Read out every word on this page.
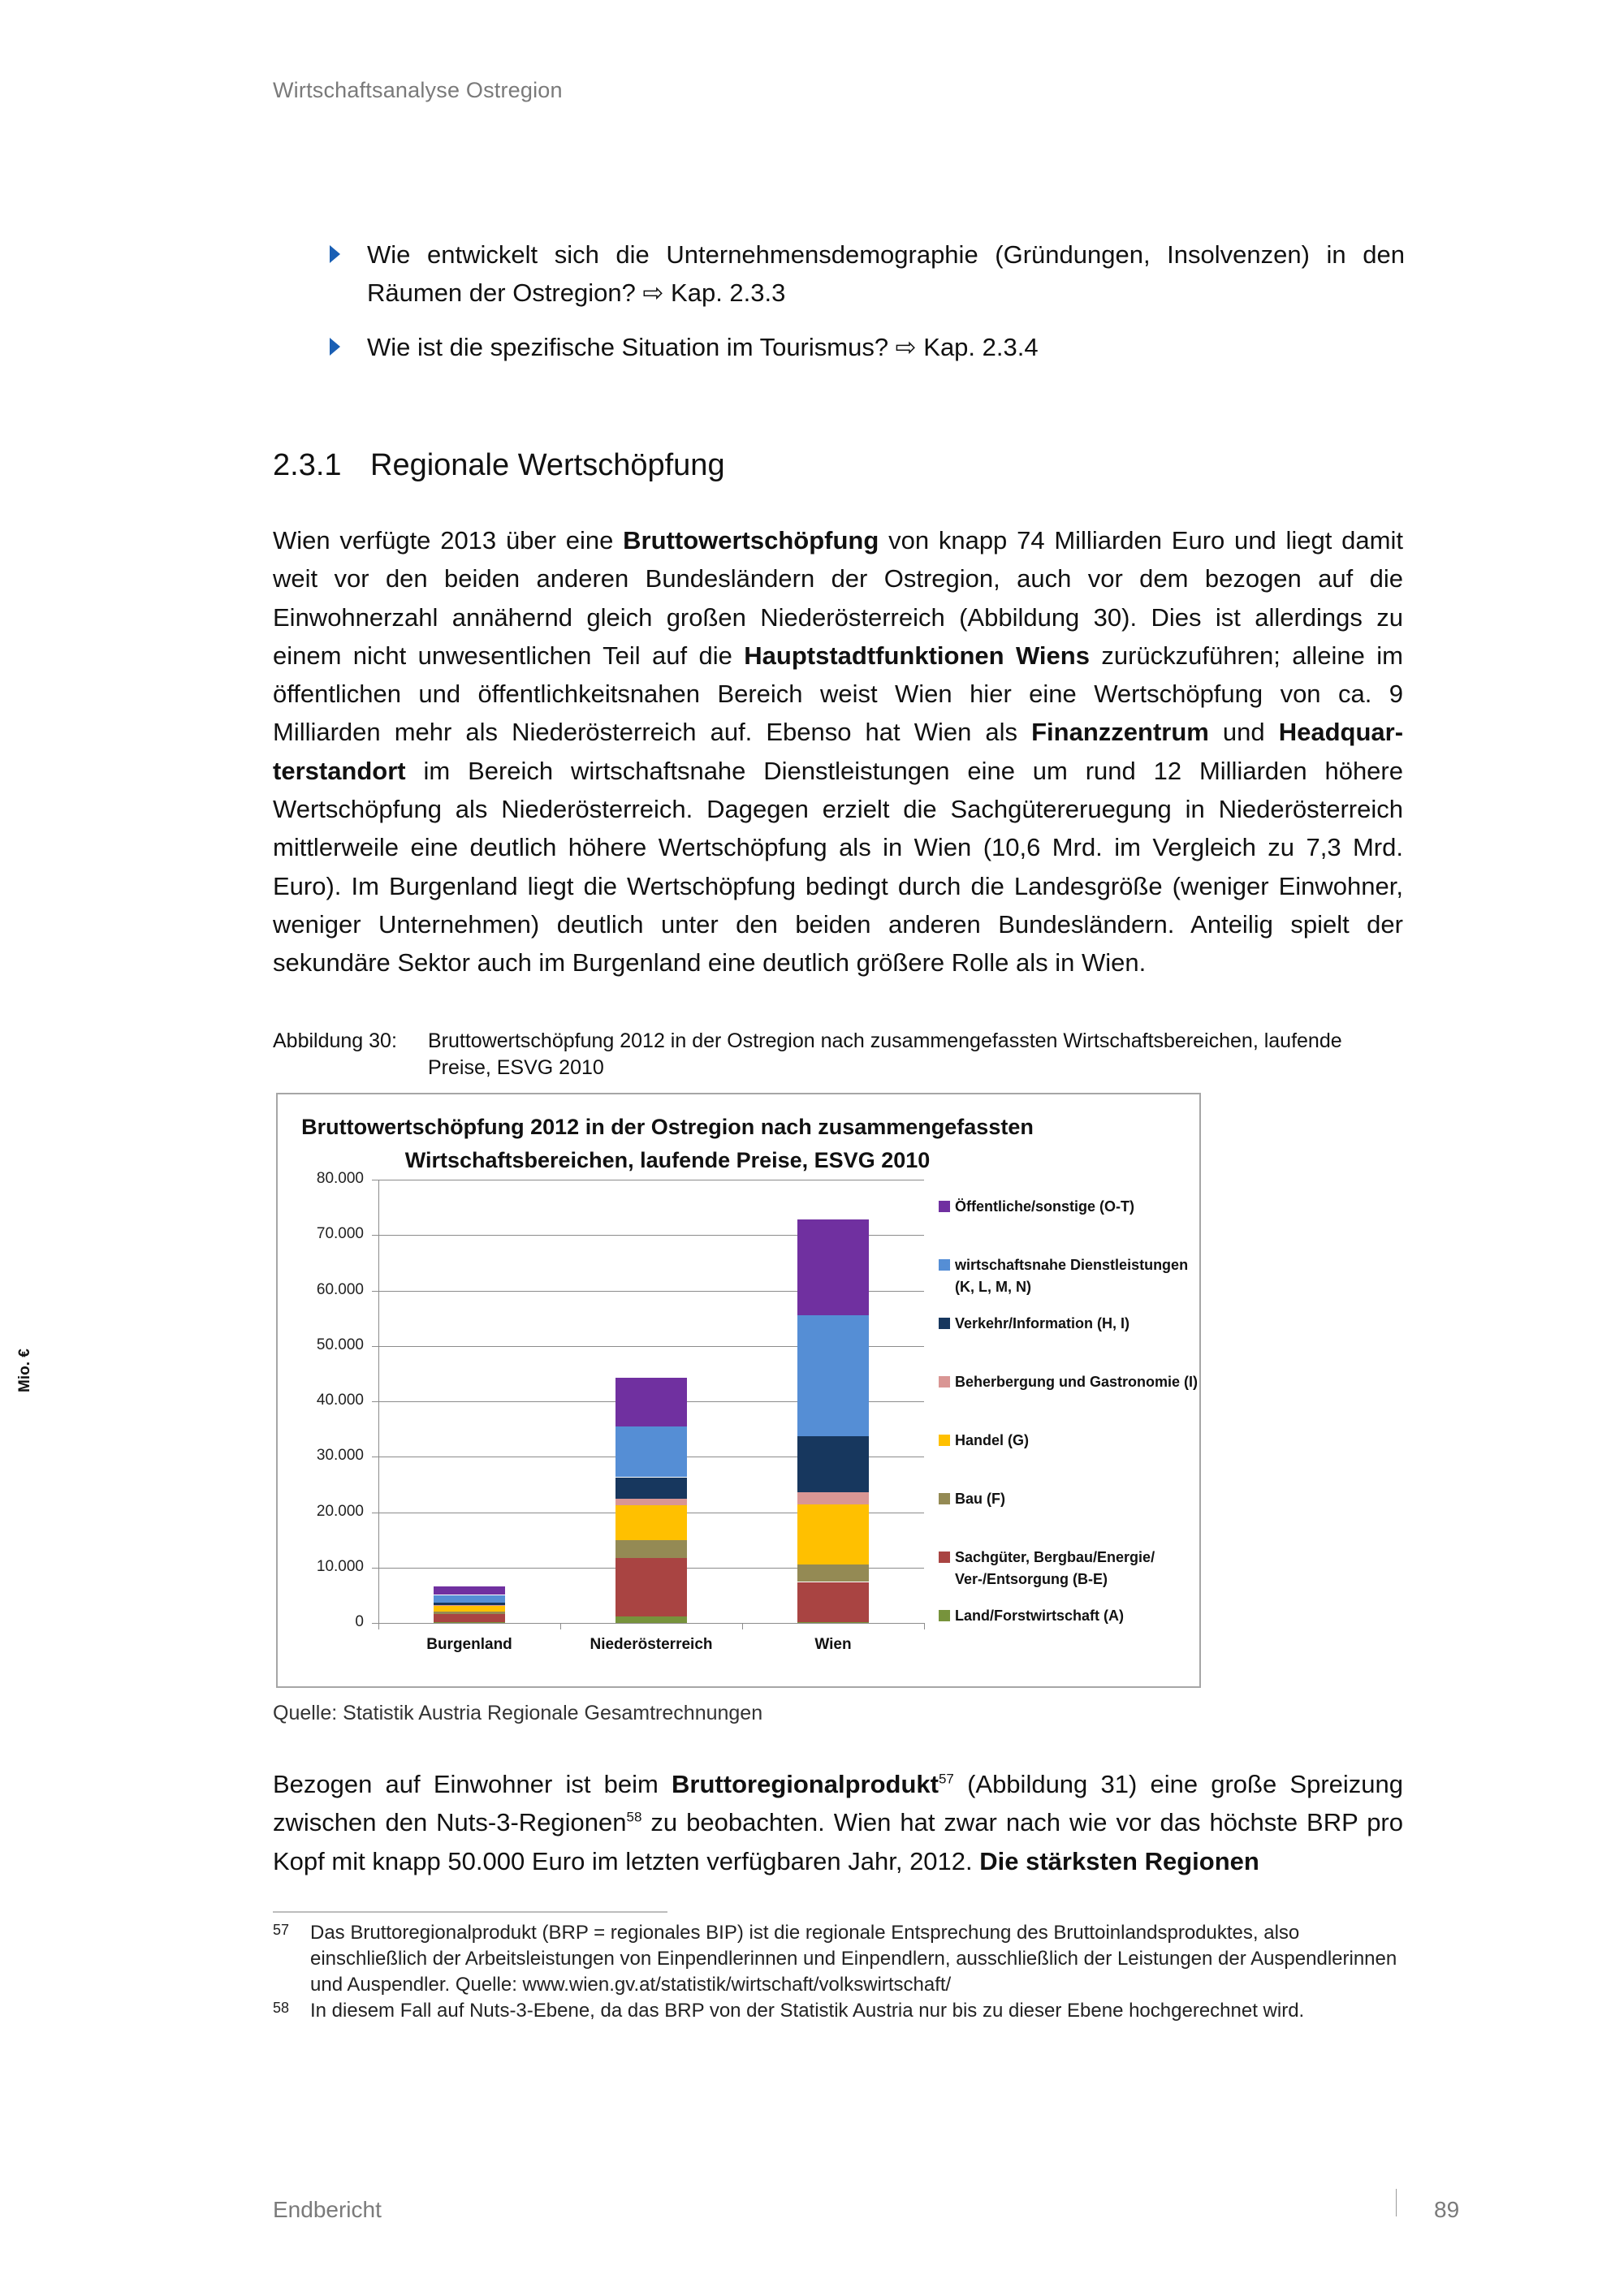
Wirtschaftsanalyse Ostregion
Wie entwickelt sich die Unternehmensdemographie (Gründungen, Insolvenzen) in den Räumen der Ostregion? ⇨ Kap. 2.3.3
Wie ist die spezifische Situation im Tourismus? ⇨ Kap. 2.3.4
2.3.1 Regionale Wertschöpfung
Wien verfügte 2013 über eine Bruttowertschöpfung von knapp 74 Milliarden Euro und liegt damit weit vor den beiden anderen Bundesländern der Ostregion, auch vor dem bezogen auf die Einwohnerzahl annähernd gleich großen Niederösterreich (Abbildung 30). Dies ist allerdings zu einem nicht unwesentlichen Teil auf die Hauptstadtfunktionen Wiens zurückzuführen; alleine im öffentlichen und öffentlichkeitsnahen Bereich weist Wien hier eine Wertschöpfung von ca. 9 Milliarden mehr als Niederösterreich auf. Ebenso hat Wien als Finanzzentrum und Headquarterstandort im Bereich wirtschaftsnahe Dienstleistungen eine um rund 12 Milliarden höhere Wertschöpfung als Niederösterreich. Dagegen erzielt die Sachgütereruegung in Niederösterreich mittlerweile eine deutlich höhere Wertschöpfung als in Wien (10,6 Mrd. im Vergleich zu 7,3 Mrd. Euro). Im Burgenland liegt die Wertschöpfung bedingt durch die Landesgröße (weniger Einwohner, weniger Unternehmen) deutlich unter den beiden anderen Bundesländern. Anteilig spielt der sekundäre Sektor auch im Burgenland eine deutlich größere Rolle als in Wien.
Abbildung 30: Bruttowertschöpfung 2012 in der Ostregion nach zusammengefassten Wirtschaftsbereichen, laufende Preise, ESVG 2010
Bruttowertschöpfung 2012 in der Ostregion nach zusammengefassten
Wirtschaftsbereichen, laufende Preise, ESVG 2010
0
10.000
20.000
30.000
40.000
50.000
60.000
70.000
80.000
Burgenland	Niederösterreich	Wien
Öffentliche/sonstige (O-T)
wirtschaftsnahe Dienstleistungen (K, L, M, N)
Verkehr/Information (H, I)
Beherbergung und Gastronomie (I)
Handel (G)
Bau (F)
Sachgüter, Bergbau/Energie/ Ver-/Entsorgung (B-E)
Land/Forstwirtschaft (A)
Mio. €
Quelle: Statistik Austria Regionale Gesamtrechnungen
Bezogen auf Einwohner ist beim Bruttoregionalprodukt$^{57}$ (Abbildung 31) eine große Spreizung zwischen den Nuts-3-Regionen$^{58}$ zu beobachten. Wien hat zwar nach wie vor das höchste BRP pro Kopf mit knapp 50.000 Euro im letzten verfügbaren Jahr, 2012. Die stärksten Regionen
57 Das Bruttoregionalprodukt (BRP = regionales BIP) ist die regionale Entsprechung des Bruttoinlandsproduktes, also einschließlich der Arbeitsleistungen von Einpendlerinnen und Einpendlern, ausschließlich der Leistungen der Auspendlerinnen und Auspendler. Quelle: www.wien.gv.at/statistik/wirtschaft/volkswirtschaft/
58 In diesem Fall auf Nuts-3-Ebene, da das BRP von der Statistik Austria nur bis zu dieser Ebene hochgerechnet wird.
Endbericht	89
